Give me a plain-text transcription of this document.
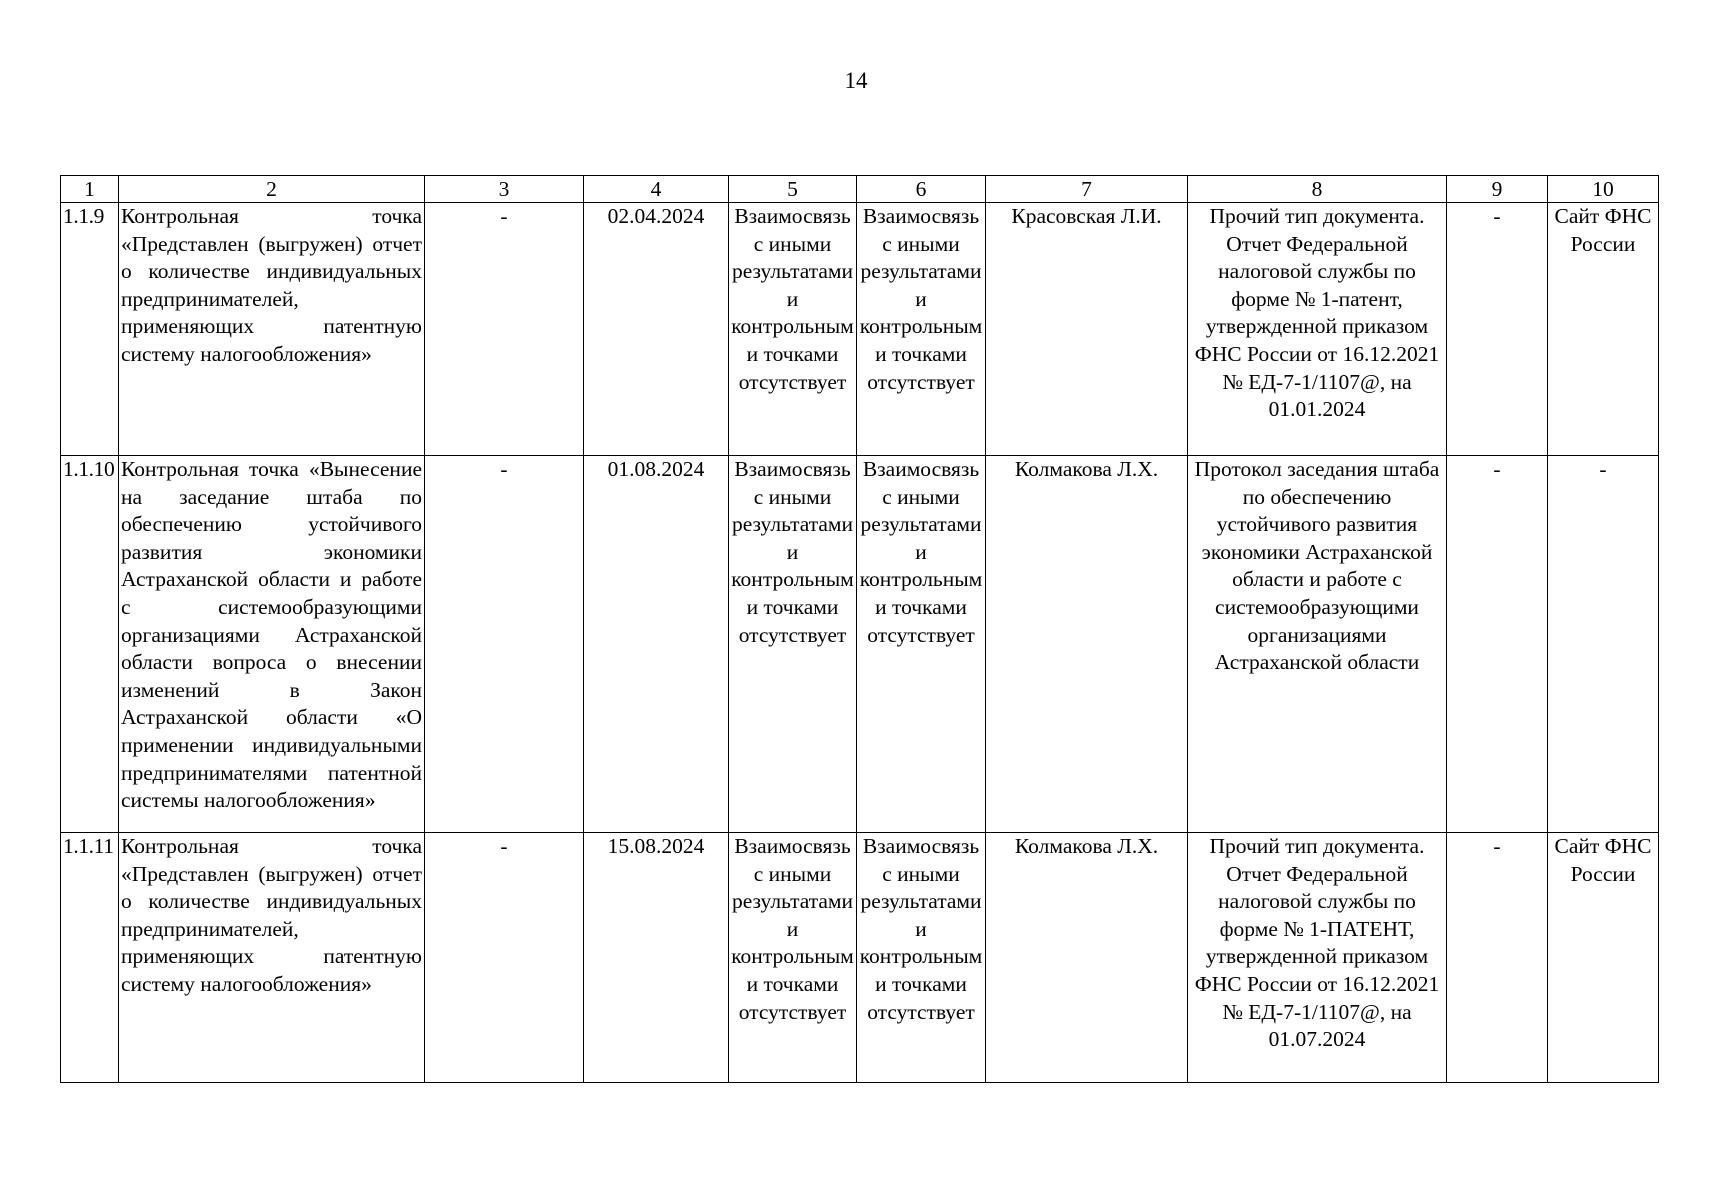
14
1	2	3	4	5	6	7	8	9	10
1.1.9	Контрольная точка «Представлен (выгружен) отчет о количестве индивидуальных предпринимателей, применяющих патентную систему налогообложения»	-	02.04.2024	Взаимосвязь с иными результатами и контрольными точками отсутствует	Взаимосвязь с иными результатами и контрольными точками отсутствует	Красовская Л.И.	Прочий тип документа. Отчет Федеральной налоговой службы по форме № 1-патент, утвержденной приказом ФНС России от 16.12.2021 № ЕД-7-1/1107@, на 01.01.2024	-	Сайт ФНС России
1.1.10	Контрольная точка «Вынесение на заседание штаба по обеспечению устойчивого развития экономики Астраханской области и работе с системообразующими организациями Астраханской области вопроса о внесении изменений в Закон Астраханской области «О применении индивидуальными предпринимателями патентной системы налогообложения»	-	01.08.2024	Взаимосвязь с иными результатами и контрольными точками отсутствует	Взаимосвязь с иными результатами и контрольными точками отсутствует	Колмакова Л.Х.	Протокол заседания штаба по обеспечению устойчивого развития экономики Астраханской области и работе с системообразующими организациями Астраханской области	-	-
1.1.11	Контрольная точка «Представлен (выгружен) отчет о количестве индивидуальных предпринимателей, применяющих патентную систему налогообложения»	-	15.08.2024	Взаимосвязь с иными результатами и контрольными точками отсутствует	Взаимосвязь с иными результатами и контрольными точками отсутствует	Колмакова Л.Х.	Прочий тип документа. Отчет Федеральной налоговой службы по форме № 1-ПАТЕНТ, утвержденной приказом ФНС России от 16.12.2021 № ЕД-7-1/1107@, на 01.07.2024	-	Сайт ФНС России
